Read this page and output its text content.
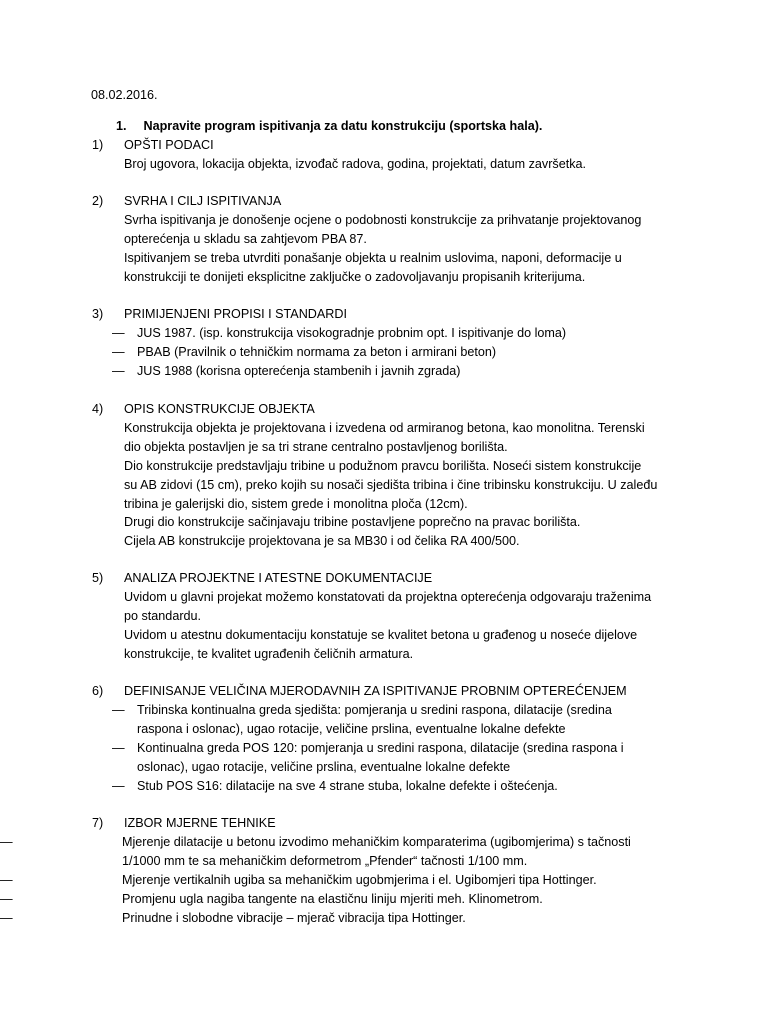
08.02.2016.
1. Napravite program ispitivanja za datu konstrukciju (sportska hala).
1) OPŠTI PODACI
Broj ugovora, lokacija objekta, izvođač radova, godina, projektati, datum završetka.
2) SVRHA I CILJ ISPITIVANJA
Svrha ispitivanja je donošenje ocjene o podobnosti konstrukcije za prihvatanje projektovanog
opterećenja u skladu sa zahtjevom PBA 87.
Ispitivanjem se treba utvrditi ponašanje objekta u realnim uslovima, naponi, deformacije u
konstrukciji te donijeti eksplicitne zaključke o zadovoljavanju propisanih kriterijuma.
3) PRIMIJENJENI PROPISI I STANDARDI
— JUS 1987. (isp. konstrukcija visokogradnje probnim opt. I ispitivanje do loma)
— PBAB (Pravilnik o tehničkim normama za beton i armirani beton)
— JUS 1988 (korisna opterećenja stambenih i javnih zgrada)
4) OPIS KONSTRUKCIJE OBJEKTA
Konstrukcija objekta je projektovana i izvedena od armiranog betona, kao monolitna. Terenski
dio objekta postavljen je sa tri strane centralno postavljenog borilišta.
Dio konstrukcije predstavljaju tribine u podužnom pravcu borilišta. Noseći sistem konstrukcije
su AB zidovi (15 cm), preko kojih su nosači sjedišta tribina i čine tribinsku konstrukciju. U zaleđu
tribina je galerijski dio, sistem grede i monolitna ploča (12cm).
Drugi dio konstrukcije sačinjavaju tribine postavljene poprečno na pravac borilišta.
Cijela AB konstrukcije projektovana je sa MB30 i od čelika RA 400/500.
5) ANALIZA PROJEKTNE I ATESTNE DOKUMENTACIJE
Uvidom u glavni projekat možemo konstatovati da projektna opterećenja odgovaraju traženima
po standardu.
Uvidom u atestnu dokumentaciju konstatuje se kvalitet betona u građenog u noseće dijelove
konstrukcije, te kvalitet ugrađenih čeličnih armatura.
6) DEFINISANJE VELIČINA MJERODAVNIH ZA ISPITIVANJE PROBNIM OPTEREĆENJEM
— Tribinska kontinualna greda sjedišta: pomjeranja u sredini raspona, dilatacije (sredina
raspona i oslonac), ugao rotacije, veličine prslina, eventualne lokalne defekte
— Kontinualna greda POS 120: pomjeranja u sredini raspona, dilatacije (sredina raspona i
oslonac), ugao rotacije, veličine prslina, eventualne lokalne defekte
— Stub POS S16: dilatacije na sve 4 strane stuba, lokalne defekte i oštećenja.
7) IZBOR MJERNE TEHNIKE
—	Mjerenje dilatacije u betonu izvodimo mehaničkim komparaterima (ugibomjerima) s tačnosti
1/1000 mm te sa mehaničkim deformetrom „Pfender“ tačnosti 1/100 mm.
—	Mjerenje vertikalnih ugiba sa mehaničkim ugobmjerima i el. Ugibomjeri tipa Hottinger.
—	Promjenu ugla nagiba tangente na elastičnu liniju mjeriti meh. Klinometrom.
—	Prinudne i slobodne vibracije – mjerač vibracija tipa Hottinger.
